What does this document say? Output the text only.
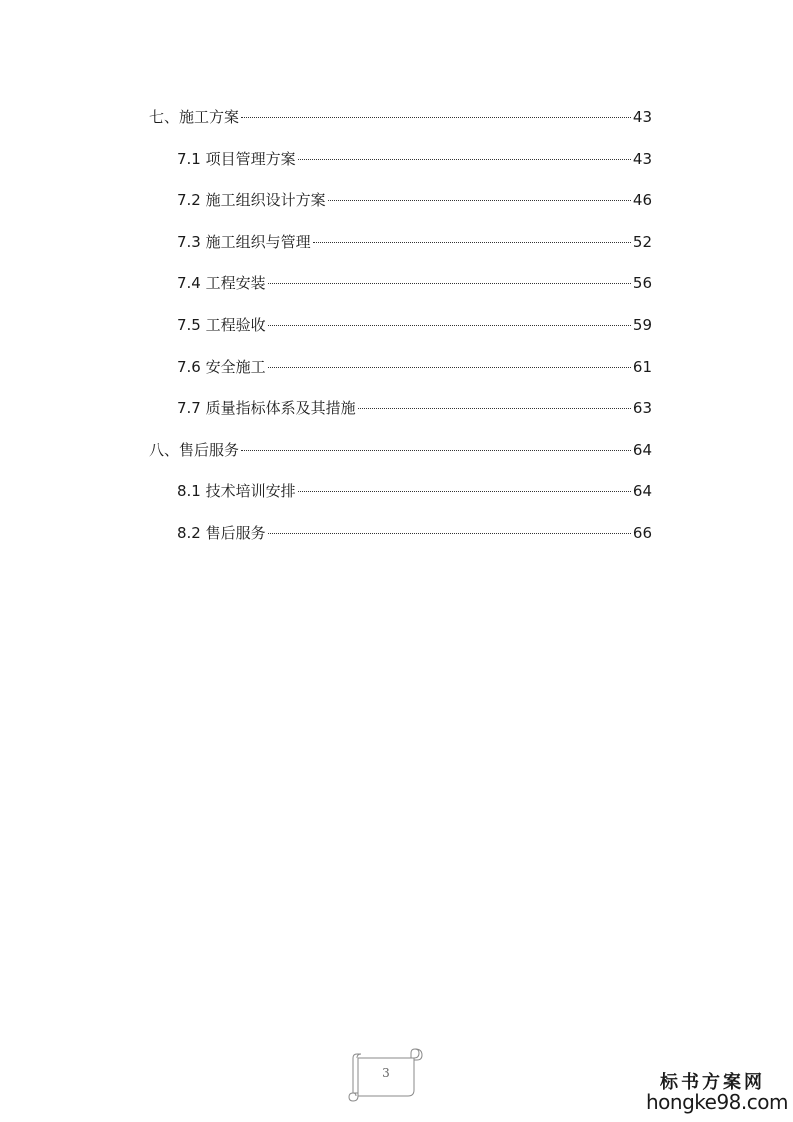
七、施工方案	43
7.1 项目管理方案	43
7.2 施工组织设计方案	46
7.3 施工组织与管理	52
7.4 工程安装	56
7.5 工程验收	59
7.6 安全施工	61
7.7 质量指标体系及其措施	63
八、售后服务	64
8.1 技术培训安排	64
8.2 售后服务	66
3	标书方案网
hongke98.com
